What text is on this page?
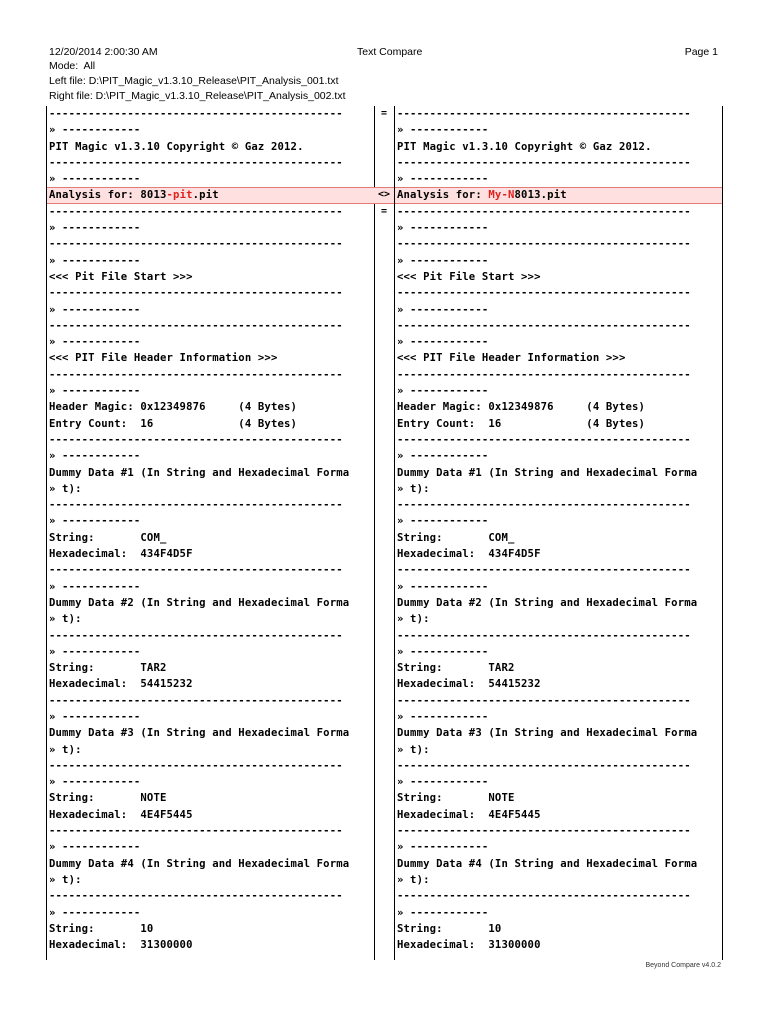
12/20/2014 2:00:30 AM	Text Compare	Page 1
Mode:  All
Left file: D:\PIT_Magic_v1.3.10_Release\PIT_Analysis_001.txt
Right file: D:\PIT_Magic_v1.3.10_Release\PIT_Analysis_002.txt
---------------------------------------------
» ------------
PIT Magic v1.3.10 Copyright © Gaz 2012.
---------------------------------------------
» ------------
Analysis for: 8013-pit.pit
---------------------------------------------
» ------------
---------------------------------------------
» ------------
<<< Pit File Start >>>
---------------------------------------------
» ------------
---------------------------------------------
» ------------
<<< PIT File Header Information >>>
---------------------------------------------
» ------------
Header Magic: 0x12349876     (4 Bytes)
Entry Count:  16             (4 Bytes)
---------------------------------------------
» ------------
Dummy Data #1 (In String and Hexadecimal Forma
» t):
---------------------------------------------
» ------------
String:       COM_
Hexadecimal:  434F4D5F
---------------------------------------------
» ------------
Dummy Data #2 (In String and Hexadecimal Forma
» t):
---------------------------------------------
» ------------
String:       TAR2
Hexadecimal:  54415232
---------------------------------------------
» ------------
Dummy Data #3 (In String and Hexadecimal Forma
» t):
---------------------------------------------
» ------------
String:       NOTE
Hexadecimal:  4E4F5445
---------------------------------------------
» ------------
Dummy Data #4 (In String and Hexadecimal Forma
» t):
---------------------------------------------
» ------------
String:       10
Hexadecimal:  31300000
=
<>
=
---------------------------------------------
» ------------
PIT Magic v1.3.10 Copyright © Gaz 2012.
---------------------------------------------
» ------------
Analysis for: My-N8013.pit
---------------------------------------------
» ------------
---------------------------------------------
» ------------
<<< Pit File Start >>>
---------------------------------------------
» ------------
---------------------------------------------
» ------------
<<< PIT File Header Information >>>
---------------------------------------------
» ------------
Header Magic: 0x12349876     (4 Bytes)
Entry Count:  16             (4 Bytes)
---------------------------------------------
» ------------
Dummy Data #1 (In String and Hexadecimal Forma
» t):
---------------------------------------------
» ------------
String:       COM_
Hexadecimal:  434F4D5F
---------------------------------------------
» ------------
Dummy Data #2 (In String and Hexadecimal Forma
» t):
---------------------------------------------
» ------------
String:       TAR2
Hexadecimal:  54415232
---------------------------------------------
» ------------
Dummy Data #3 (In String and Hexadecimal Forma
» t):
---------------------------------------------
» ------------
String:       NOTE
Hexadecimal:  4E4F5445
---------------------------------------------
» ------------
Dummy Data #4 (In String and Hexadecimal Forma
» t):
---------------------------------------------
» ------------
String:       10
Hexadecimal:  31300000
Beyond Compare v4.0.2
